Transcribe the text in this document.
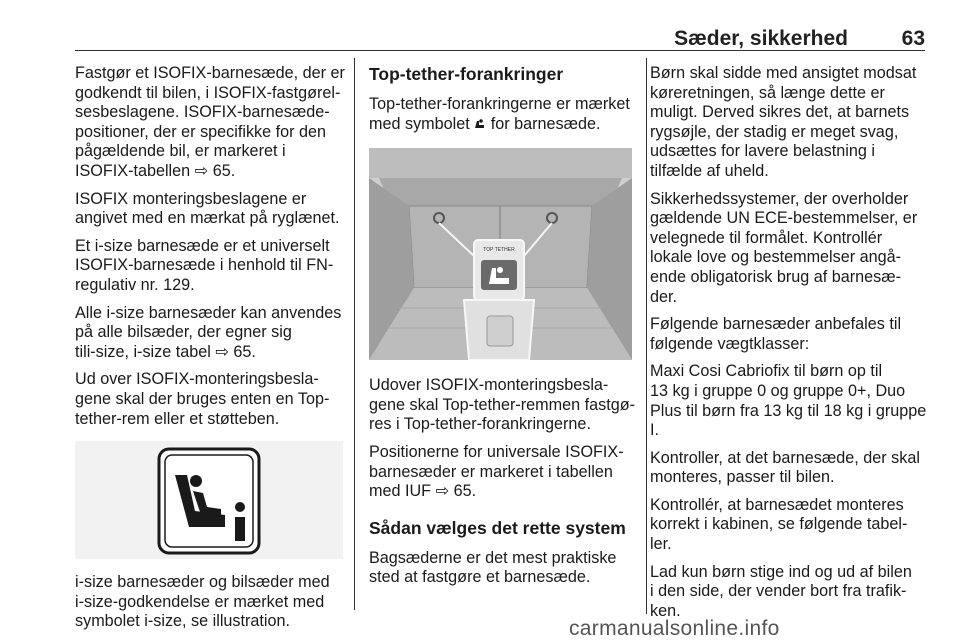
Sæder, sikkerhed	63

Fastgør et ISOFIX-barnesæde, der er
godkendt til bilen, i ISOFIX-fastgørel-
sesbeslagene. ISOFIX-barnesæde-
positioner, der er specifikke for den
pågældende bil, er markeret i
ISOFIX-tabellen ⇨ 65.

ISOFIX monteringsbeslagene er
angivet med en mærkat på ryglænet.

Et i-size barnesæde er et universelt
ISOFIX-barnesæde i henhold til FN-
regulativ nr. 129.

Alle i-size barnesæder kan anvendes
på alle bilsæder, der egner sig
tili-size, i-size tabel ⇨ 65.

Ud over ISOFIX-monteringsbesla-
gene skal der bruges enten en Top-
tether-rem eller et støtteben.

i-size barnesæder og bilsæder med
i-size-godkendelse er mærket med
symbolet i-size, se illustration.

Top-tether-forankringer

Top-tether-forankringerne er mærket
med symbolet for barnesæde.

TOP TETHER

Udover ISOFIX-monteringsbesla-
gene skal Top-tether-remmen fastgø-
res i Top-tether-forankringerne.

Positionerne for universale ISOFIX-
barnesæder er markeret i tabellen
med IUF ⇨ 65.

Sådan vælges det rette system

Bagsæderne er det mest praktiske
sted at fastgøre et barnesæde.

Børn skal sidde med ansigtet modsat
køreretningen, så længe dette er
muligt. Derved sikres det, at barnets
rygsøjle, der stadig er meget svag,
udsættes for lavere belastning i
tilfælde af uheld.

Sikkerhedssystemer, der overholder
gældende UN ECE-bestemmelser, er
velegnede til formålet. Kontrollér
lokale love og bestemmelser angå-
ende obligatorisk brug af barnesæ-
der.

Følgende barnesæder anbefales til
følgende vægtklasser:

Maxi Cosi Cabriofix til børn op til
13 kg i gruppe 0 og gruppe 0+, Duo
Plus til børn fra 13 kg til 18 kg i gruppe
I.

Kontroller, at det barnesæde, der skal
monteres, passer til bilen.

Kontrollér, at barnesædet monteres
korrekt i kabinen, se følgende tabel-
ler.

Lad kun børn stige ind og ud af bilen
i den side, der vender bort fra trafik-
ken.

carmanualsonline.info
